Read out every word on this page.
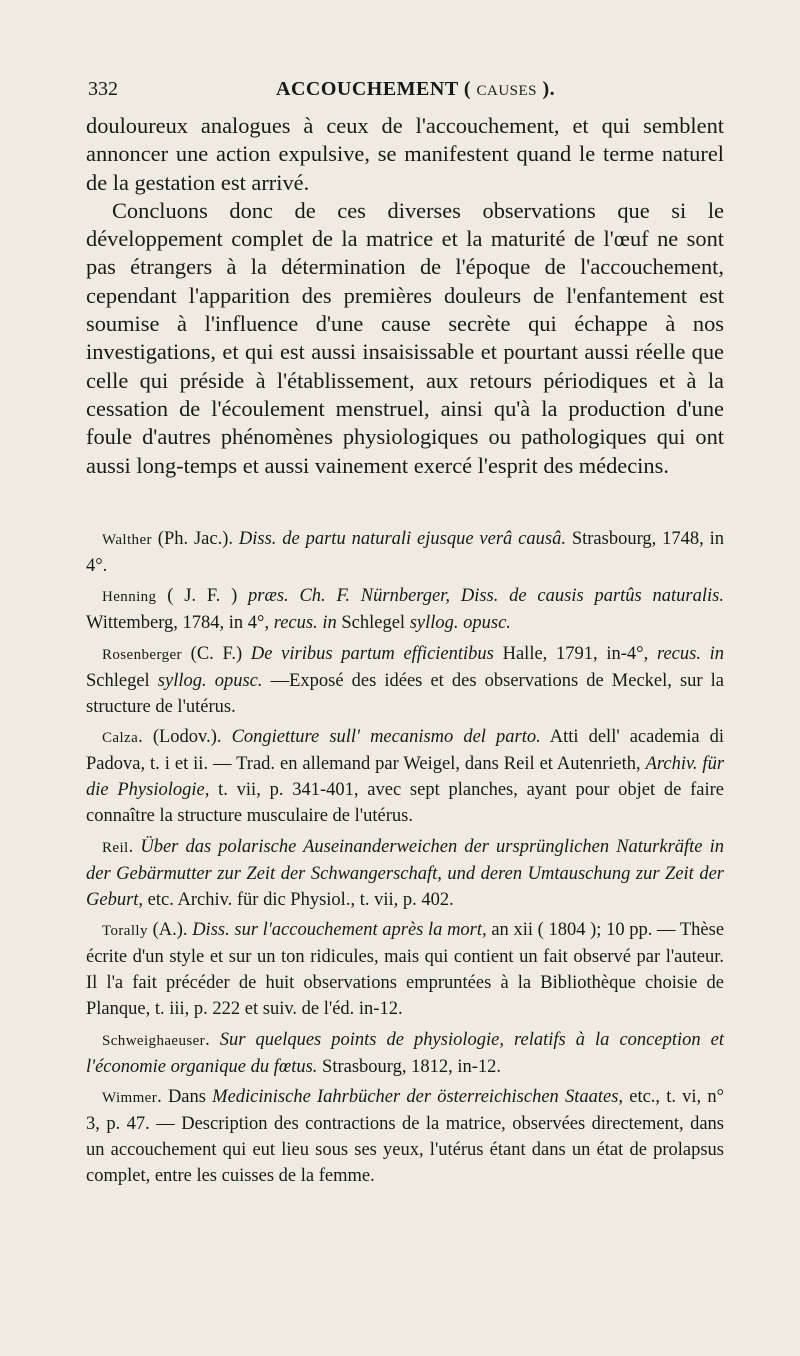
332	ACCOUCHEMENT ( CAUSES ).

douloureux analogues à ceux de l'accouchement, et qui semblent annoncer une action expulsive, se manifestent quand le terme naturel de la gestation est arrivé.

Concluons donc de ces diverses observations que si le développement complet de la matrice et la maturité de l'œuf ne sont pas étrangers à la détermination de l'époque de l'accouchement, cependant l'apparition des premières douleurs de l'enfantement est soumise à l'influence d'une cause secrète qui échappe à nos investigations, et qui est aussi insaisissable et pourtant aussi réelle que celle qui préside à l'établissement, aux retours périodiques et à la cessation de l'écoulement menstruel, ainsi qu'à la production d'une foule d'autres phénomènes physiologiques ou pathologiques qui ont aussi long-temps et aussi vainement exercé l'esprit des médecins.

Walther (Ph. Jac.). Diss. de partu naturali ejusque verâ causâ. Strasbourg, 1748, in 4°.

Henning ( J. F. ) præs. Ch. F. Nürnberger, Diss. de causis partûs naturalis. Wittemberg, 1784, in 4°, recus. in Schlegel syllog. opusc.

Rosenberger (C. F.) De viribus partum efficientibus Halle, 1791, in-4°, recus. in Schlegel syllog. opusc. —Exposé des idées et des observations de Meckel, sur la structure de l'utérus.

Calza. (Lodov.). Congietture sull' mecanismo del parto. Atti dell' academia di Padova, t. i et ii. — Trad. en allemand par Weigel, dans Reil et Autenrieth, Archiv. für die Physiologie, t. vii, p. 341-401, avec sept planches, ayant pour objet de faire connaître la structure musculaire de l'utérus.

Reil. Über das polarische Auseinanderweichen der ursprünglichen Naturkräfte in der Gebärmutter zur Zeit der Schwangerschaft, und deren Umtauschung zur Zeit der Geburt, etc. Archiv. für dic Physiol., t. vii, p. 402.

Torally (A.). Diss. sur l'accouchement après la mort, an xii ( 1804 ); 10 pp. — Thèse écrite d'un style et sur un ton ridicules, mais qui contient un fait observé par l'auteur. Il l'a fait précéder de huit observations empruntées à la Bibliothèque choisie de Planque, t. iii, p. 222 et suiv. de l'éd. in-12.

Schweighaeuser. Sur quelques points de physiologie, relatifs à la conception et l'économie organique du fœtus. Strasbourg, 1812, in-12.

Wimmer. Dans Medicinische Iahrbücher der österreichischen Staates, etc., t. vi, n° 3, p. 47. — Description des contractions de la matrice, observées directement, dans un accouchement qui eut lieu sous ses yeux, l'utérus étant dans un état de prolapsus complet, entre les cuisses de la femme.
